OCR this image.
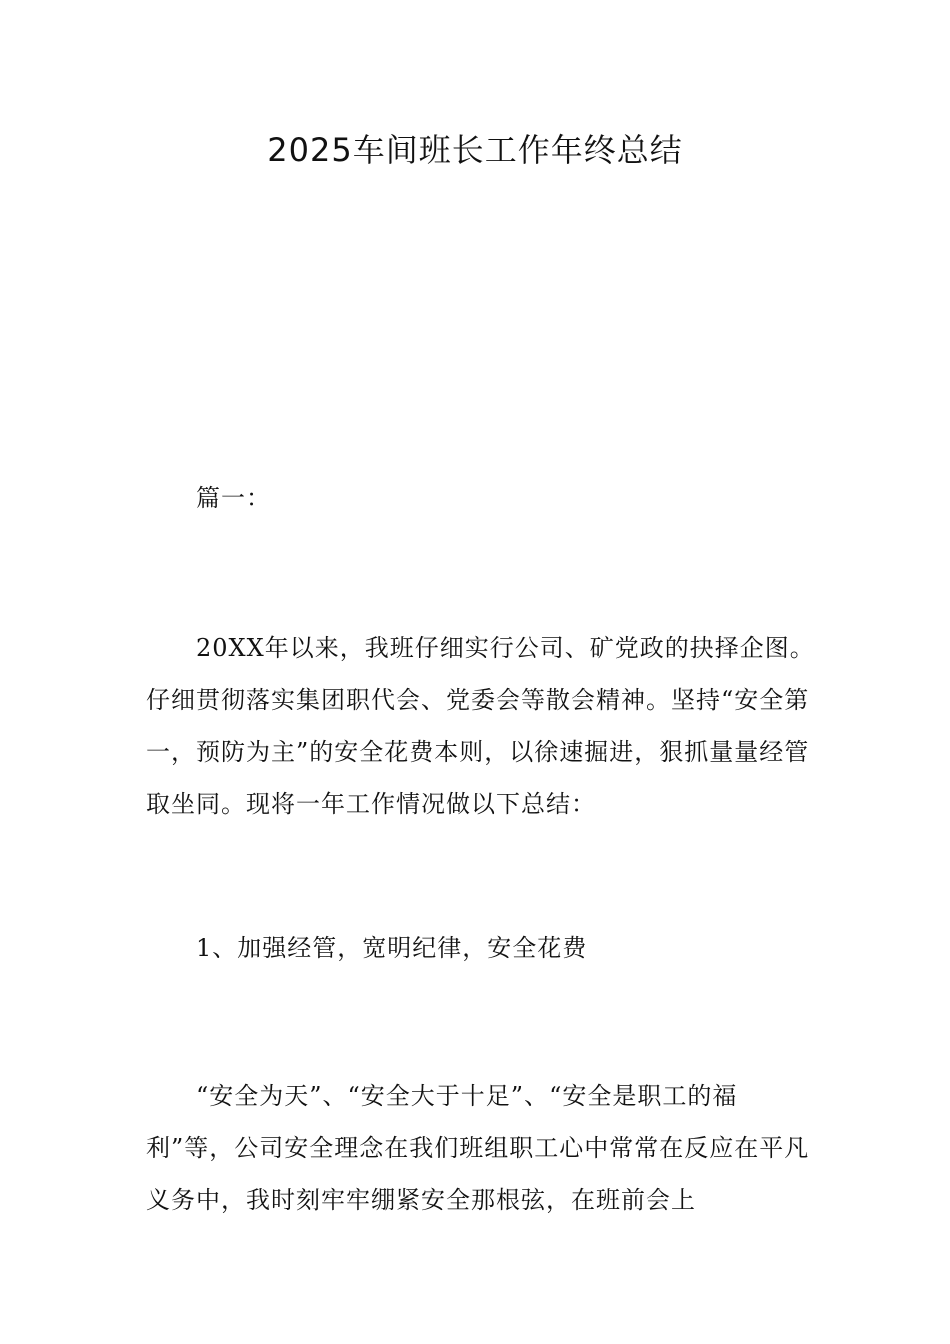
2025车间班长工作年终总结

篇一：

20XX年以来，我班仔细实行公司、矿党政的抉择企图。仔细贯彻落实集团职代会、党委会等散会精神。坚持“安全第一，预防为主”的安全花费本则，以徐速掘进，狠抓量量经管取坐同。现将一年工作情况做以下总结：

1、加强经管，宽明纪律，安全花费

“安全为天”、“安全大于十足”、“安全是职工的福利”等，公司安全理念在我们班组职工心中常常在反应在平凡义务中，我时刻牢牢绷紧安全那根弦，在班前会上
